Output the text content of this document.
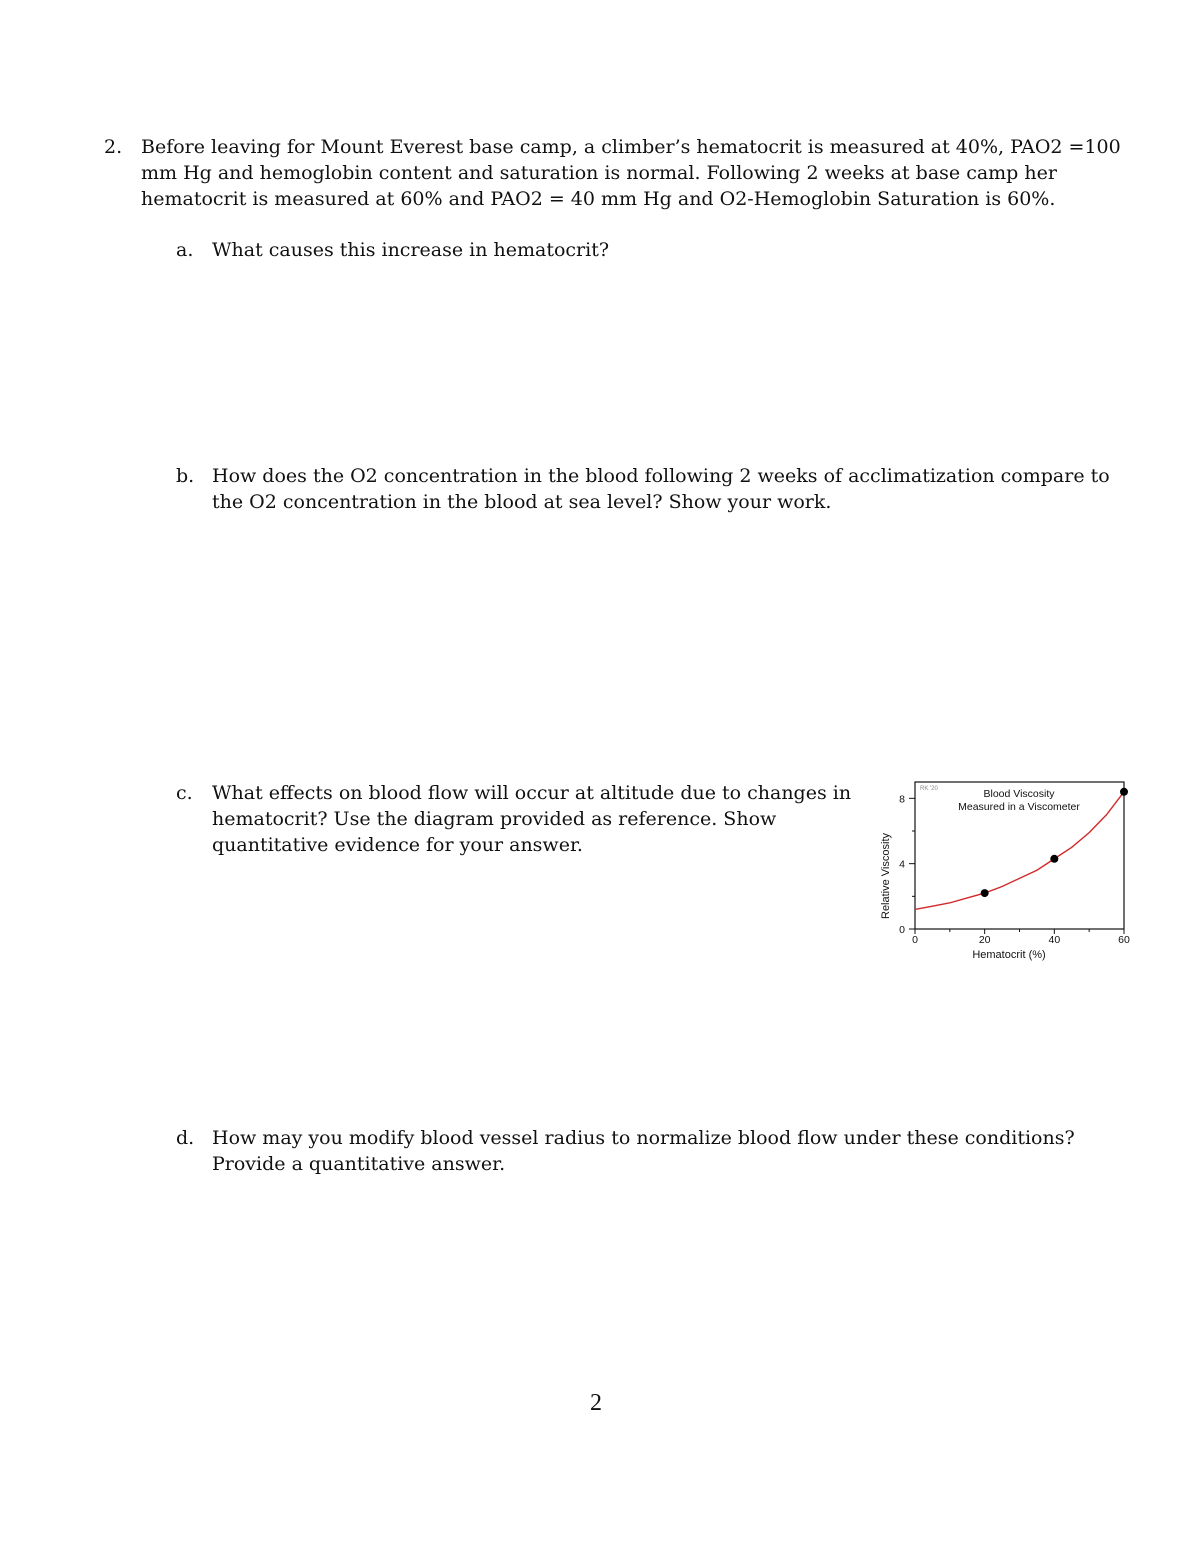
2. Before leaving for Mount Everest base camp, a climber’s hematocrit is measured at 40%, PAO2 =100 mm Hg and hemoglobin content and saturation is normal. Following 2 weeks at base camp her hematocrit is measured at 60% and PAO2 = 40 mm Hg and O2-Hemoglobin Saturation is 60%.
a. What causes this increase in hematocrit?
b. How does the O2 concentration in the blood following 2 weeks of acclimatization compare to the O2 concentration in the blood at sea level? Show your work.
c. What effects on blood flow will occur at altitude due to changes in hematocrit? Use the diagram provided as reference. Show quantitative evidence for your answer.	Relative Viscosity
Blood Viscosity
Measured in a Viscometer
RK '20
Hematocrit (%)
0	20	40	60
0
4
8
d. How may you modify blood vessel radius to normalize blood flow under these conditions? Provide a quantitative answer.
2
